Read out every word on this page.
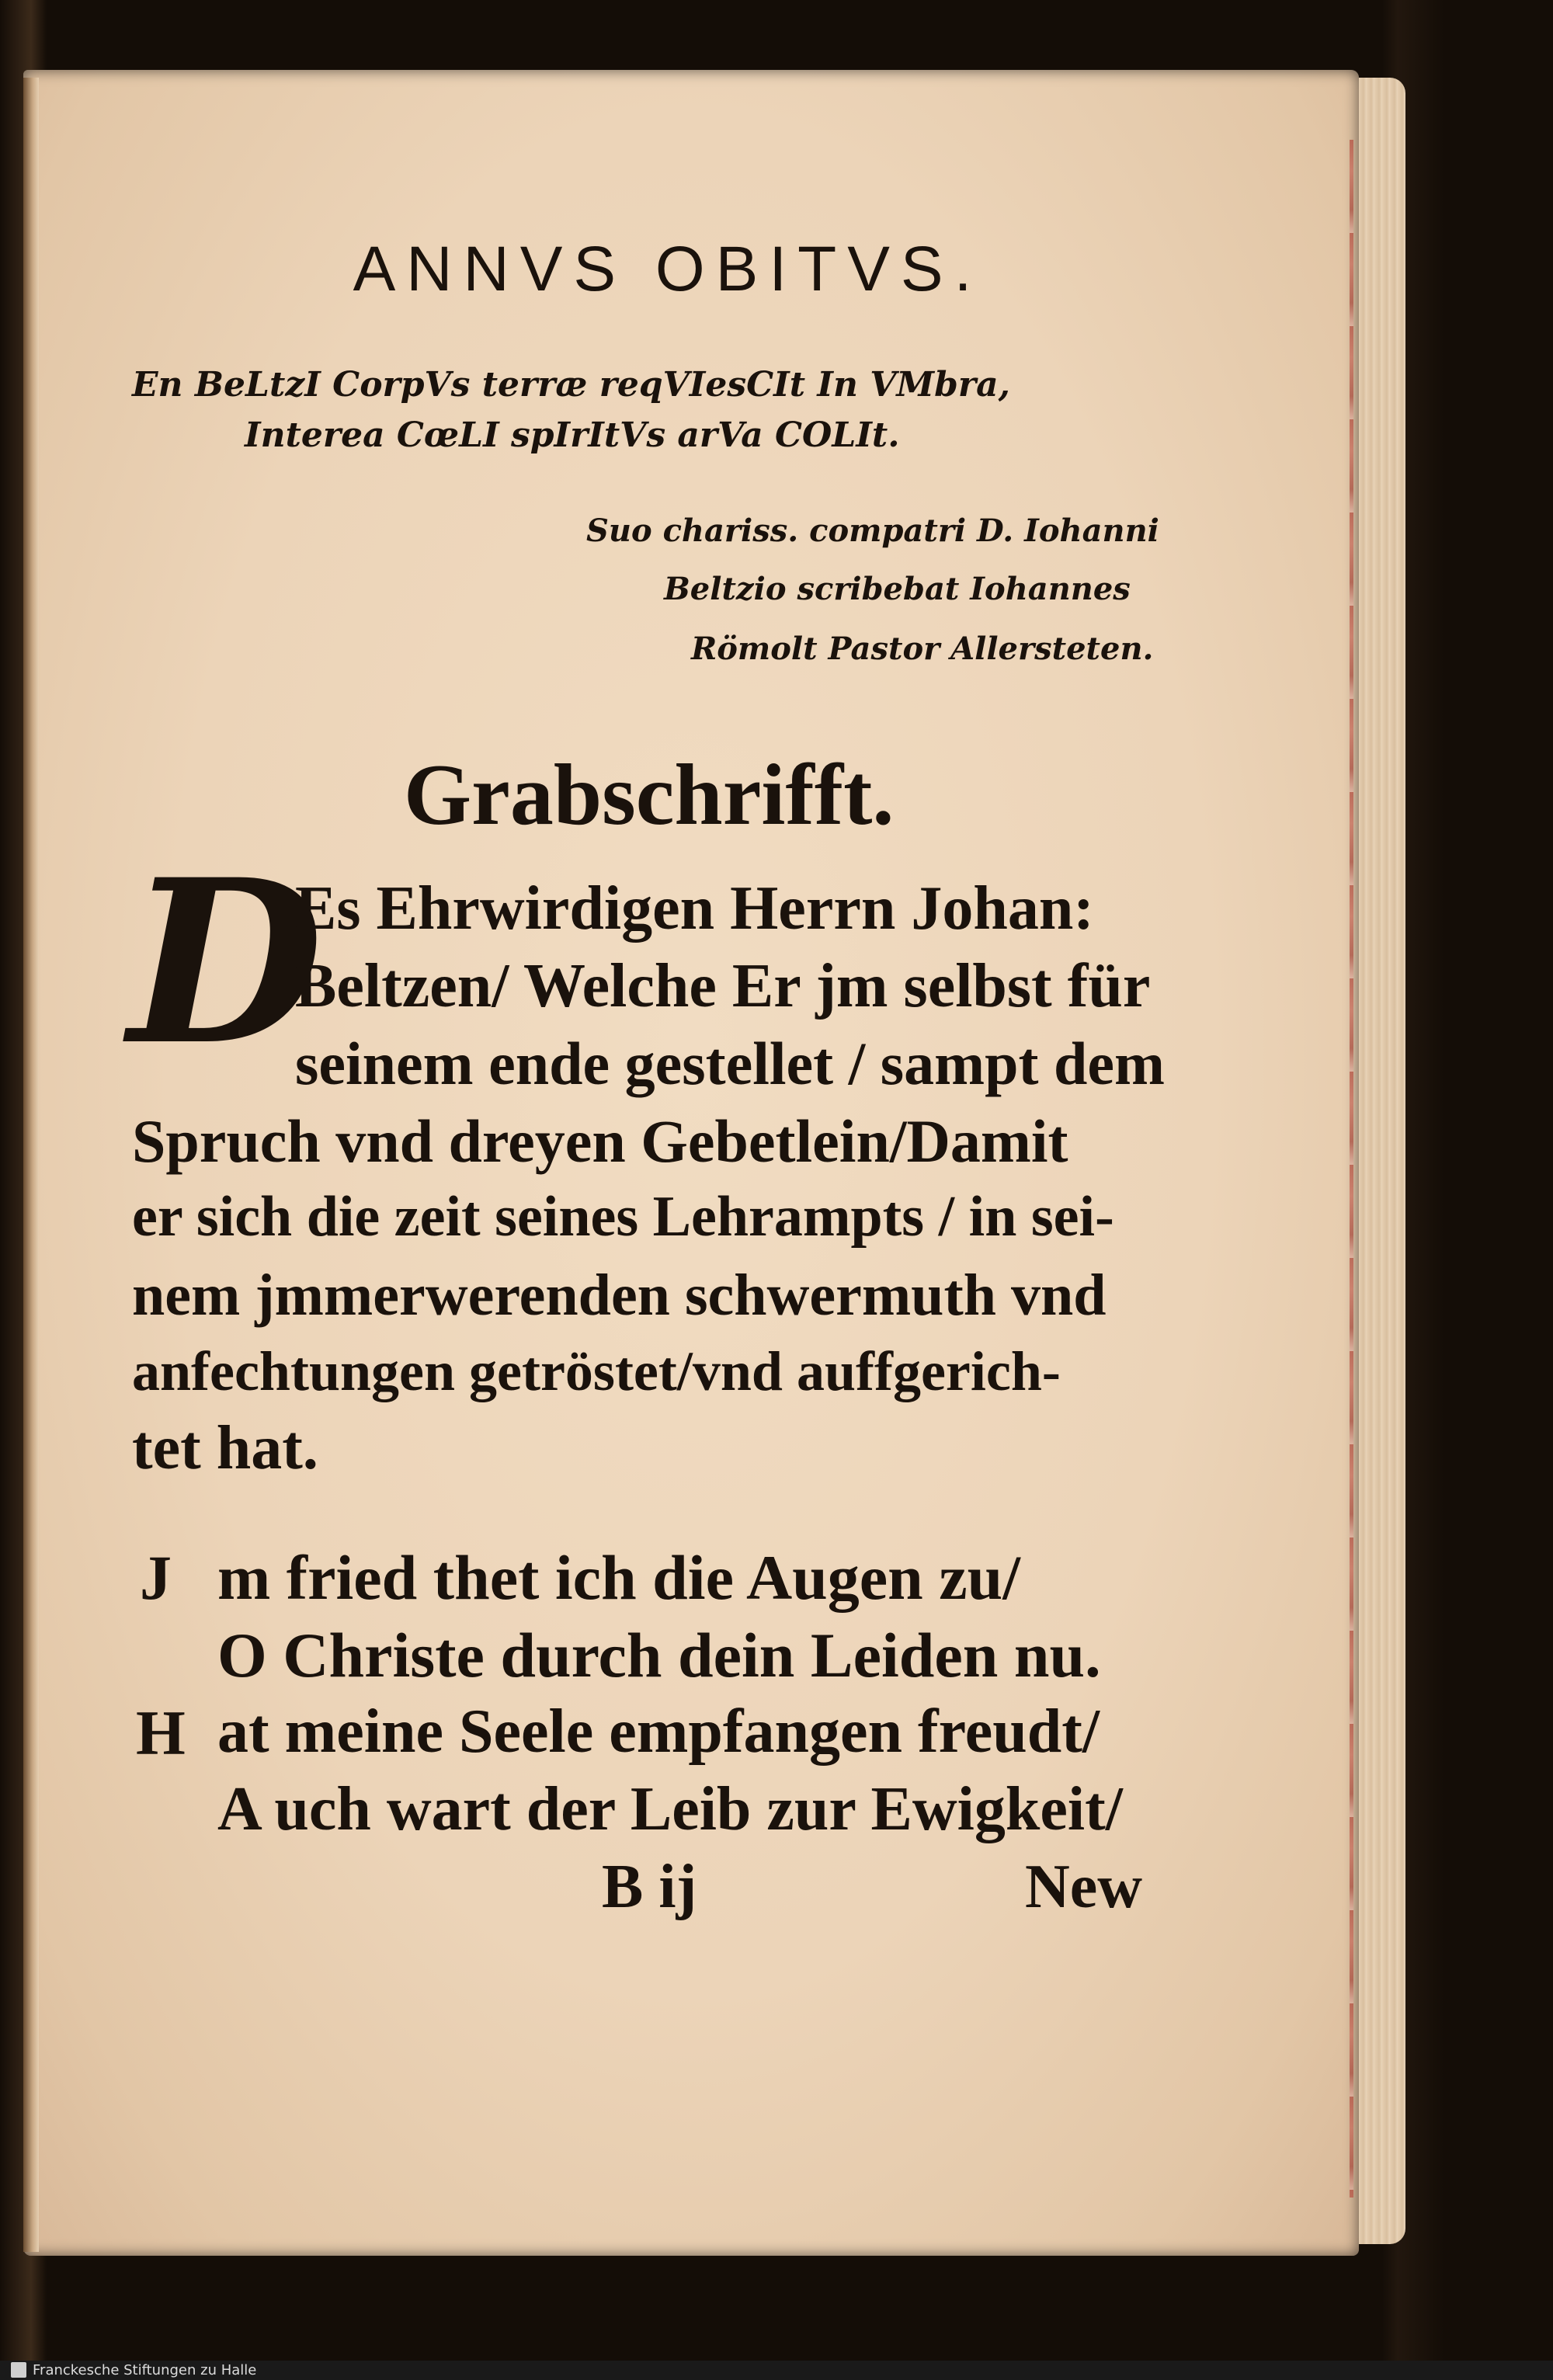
ANNVS OBITVS.
En BeLtzI CorpVs terræ reqVIesCIt In VMbra,
Interea CœLI spIrItVs arVa COLIt.
Suo chariss. compatri D. Iohanni
Beltzio scribebat Iohannes
Römolt Pastor Allersteten.
Grabschrifft.
D
Es Ehrwirdigen Herrn Johan:
Beltzen/ Welche Er jm selbst für
seinem ende gestellet / sampt dem
Spruch vnd dreyen Gebetlein/Damit
er sich die zeit seines Lehrampts / in sei-
nem jmmerwerenden schwermuth vnd
anfechtungen getröstet/vnd auffgerich-
tet hat.
J m fried thet ich die Augen zu/
O Christe durch dein Leiden nu.
H at meine Seele empfangen freudt/
A uch wart der Leib zur Ewigkeit/
B ij	New
Franckesche Stiftungen zu Halle
